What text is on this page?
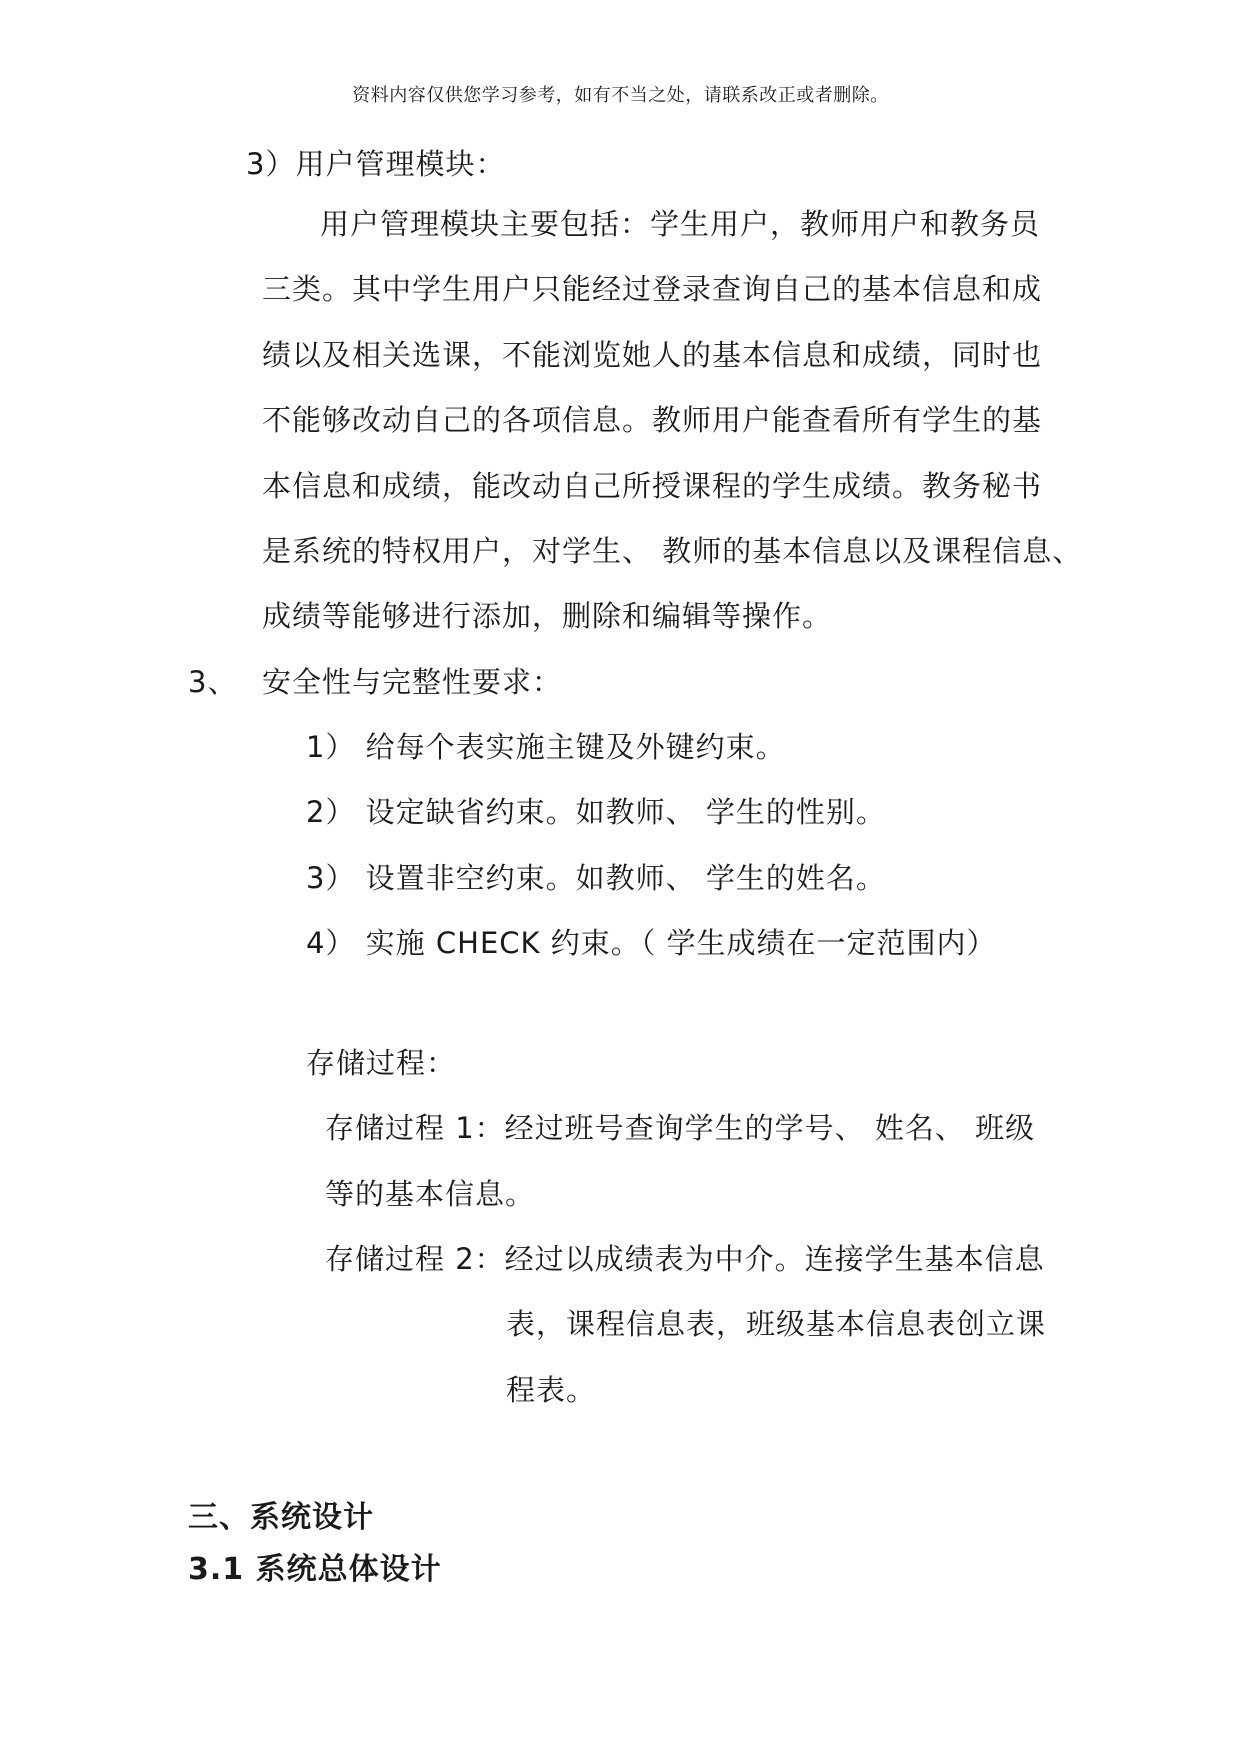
资料内容仅供您学习参考，如有不当之处，请联系改正或者删除。
3）用户管理模块：
用户管理模块主要包括：学生用户，教师用户和教务员
三类。其中学生用户只能经过登录查询自己的基本信息和成
绩以及相关选课，不能浏览她人的基本信息和成绩，同时也
不能够改动自己的各项信息。教师用户能查看所有学生的基
本信息和成绩，能改动自己所授课程的学生成绩。教务秘书
是系统的特权用户，对学生、 教师的基本信息以及课程信息、
成绩等能够进行添加，删除和编辑等操作。
3、 安全性与完整性要求：
1） 给每个表实施主键及外键约束。
2） 设定缺省约束。如教师、 学生的性别。
3） 设置非空约束。如教师、 学生的姓名。
4） 实施 CHECK 约束。（ 学生成绩在一定范围内）
存储过程：
存储过程 1：经过班号查询学生的学号、 姓名、 班级
等的基本信息。
存储过程 2：经过以成绩表为中介。连接学生基本信息
表，课程信息表，班级基本信息表创立课
程表。
三、系统设计
3.1 系统总体设计
